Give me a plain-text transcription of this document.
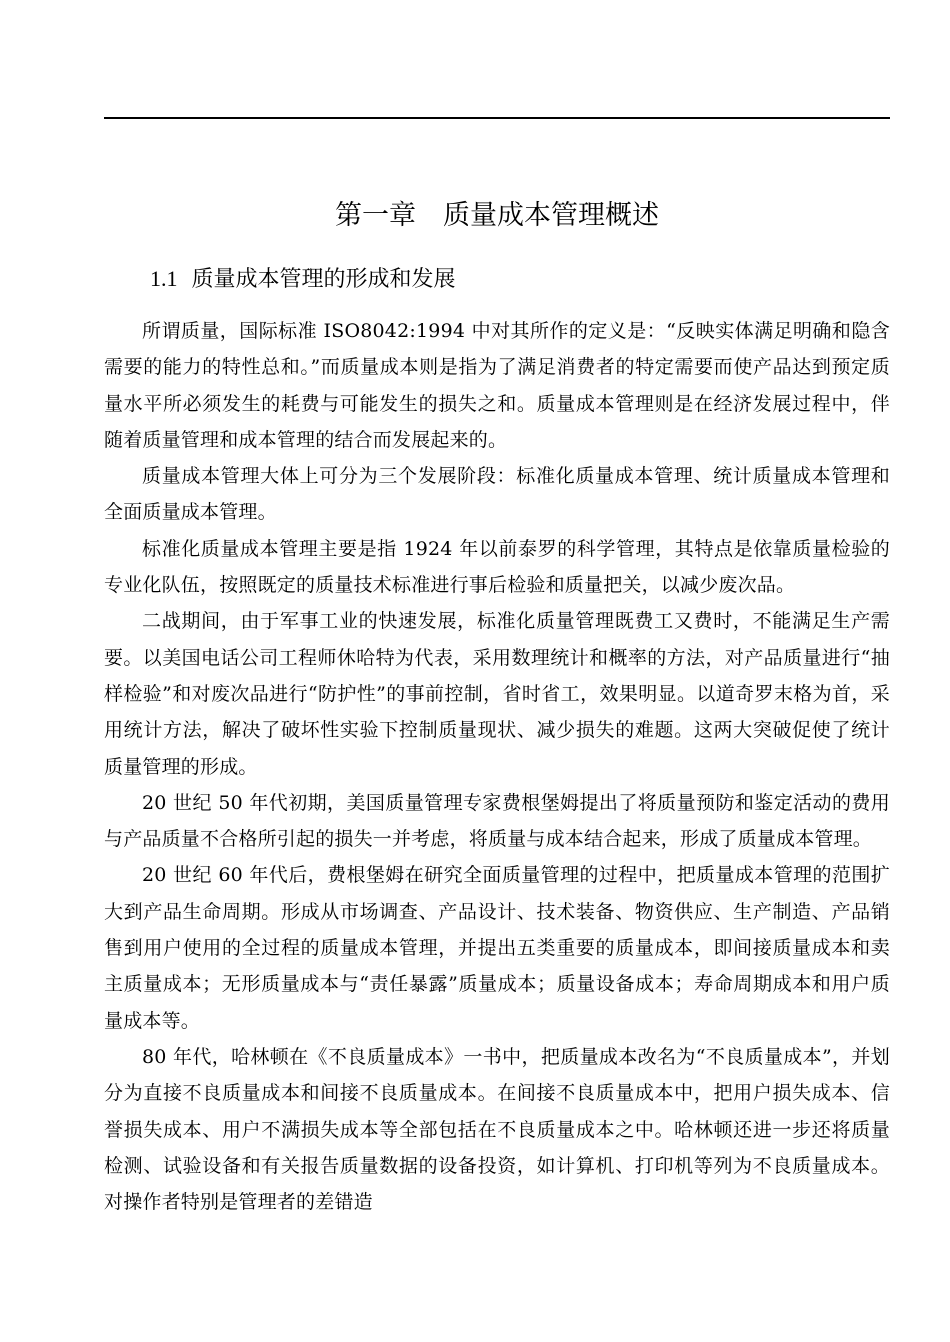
第一章　质量成本管理概述
1.1 质量成本管理的形成和发展

所谓质量，国际标准 ISO8042:1994 中对其所作的定义是：“反映实体满足明确和隐含需要的能力的特性总和。”而质量成本则是指为了满足消费者的特定需要而使产品达到预定质量水平所必须发生的耗费与可能发生的损失之和。质量成本管理则是在经济发展过程中，伴随着质量管理和成本管理的结合而发展起来的。

质量成本管理大体上可分为三个发展阶段：标准化质量成本管理、统计质量成本管理和全面质量成本管理。

标准化质量成本管理主要是指 1924 年以前泰罗的科学管理，其特点是依靠质量检验的专业化队伍，按照既定的质量技术标准进行事后检验和质量把关，以减少废次品。

二战期间，由于军事工业的快速发展，标准化质量管理既费工又费时，不能满足生产需要。以美国电话公司工程师休哈特为代表，采用数理统计和概率的方法，对产品质量进行“抽样检验”和对废次品进行“防护性”的事前控制，省时省工，效果明显。以道奇罗末格为首，采用统计方法，解决了破坏性实验下控制质量现状、减少损失的难题。这两大突破促使了统计质量管理的形成。

20 世纪 50 年代初期，美国质量管理专家费根堡姆提出了将质量预防和鉴定活动的费用与产品质量不合格所引起的损失一并考虑，将质量与成本结合起来，形成了质量成本管理。

20 世纪 60 年代后，费根堡姆在研究全面质量管理的过程中，把质量成本管理的范围扩大到产品生命周期。形成从市场调查、产品设计、技术装备、物资供应、生产制造、产品销售到用户使用的全过程的质量成本管理，并提出五类重要的质量成本，即间接质量成本和卖主质量成本；无形质量成本与“责任暴露”质量成本；质量设备成本；寿命周期成本和用户质量成本等。

80 年代，哈林顿在《不良质量成本》一书中，把质量成本改名为“不良质量成本”，并划分为直接不良质量成本和间接不良质量成本。在间接不良质量成本中，把用户损失成本、信誉损失成本、用户不满损失成本等全部包括在不良质量成本之中。哈林顿还进一步还将质量检测、试验设备和有关报告质量数据的设备投资，如计算机、打印机等列为不良质量成本。对操作者特别是管理者的差错造
